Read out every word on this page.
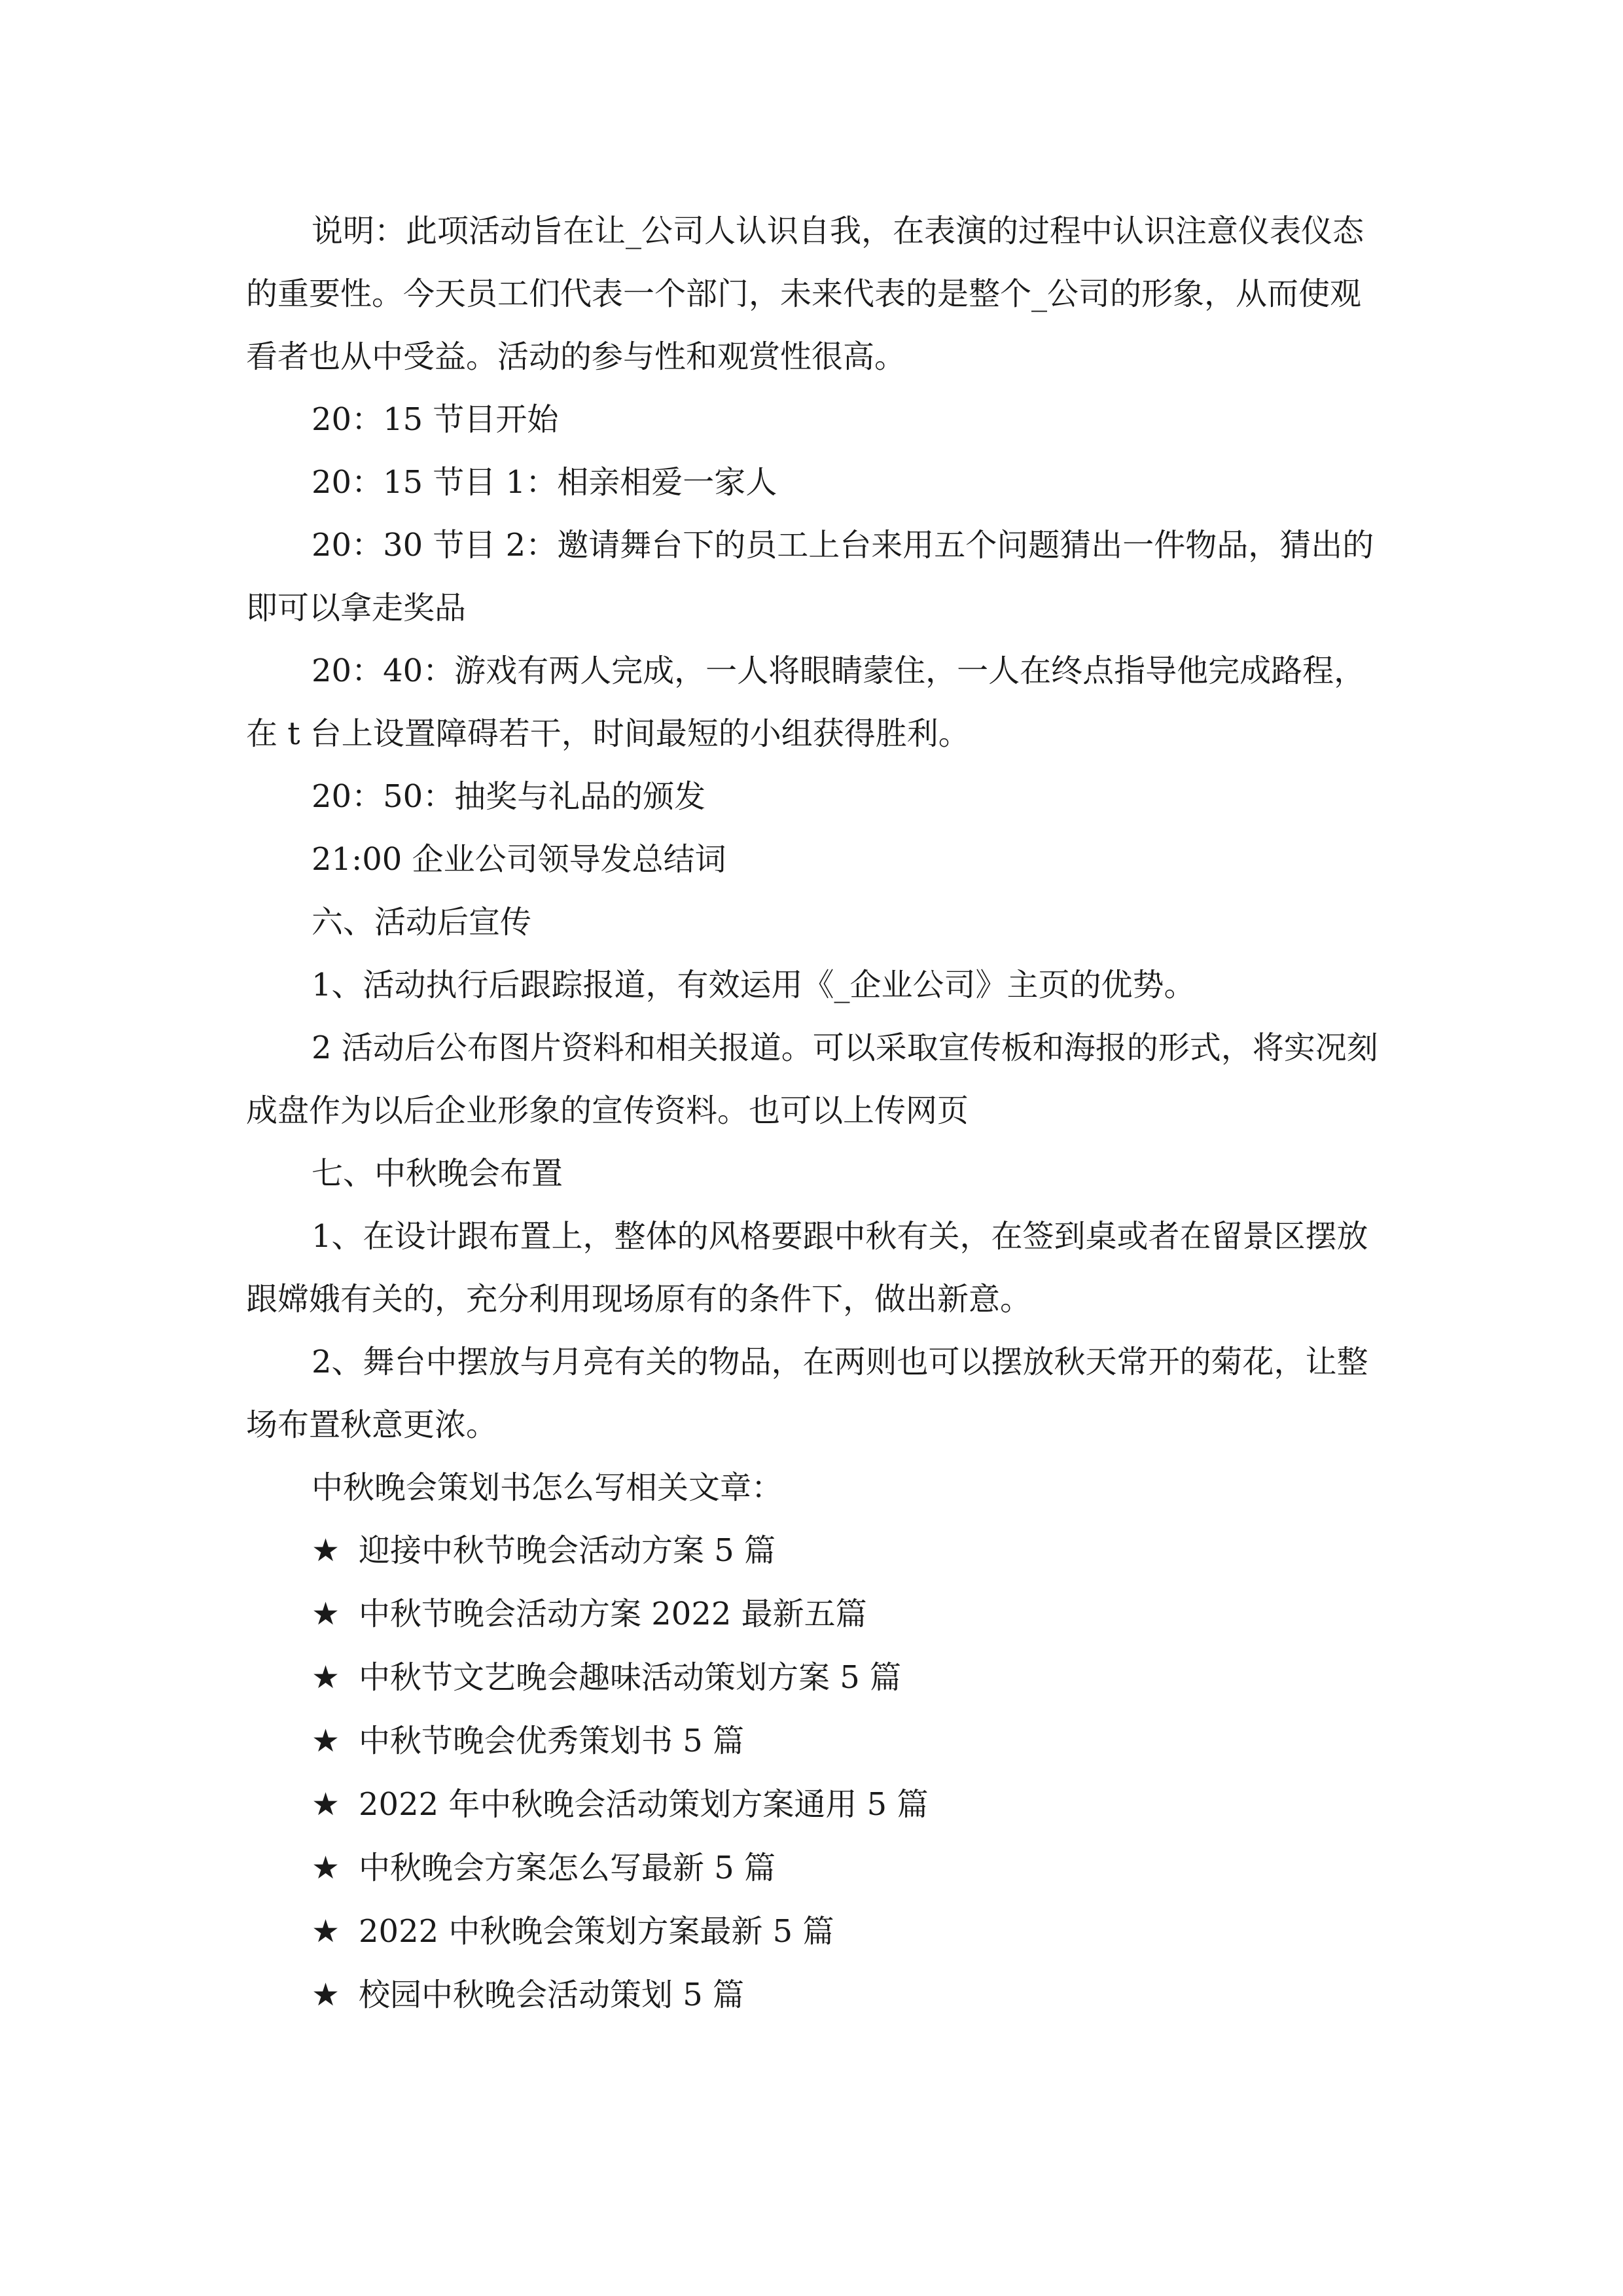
说明：此项活动旨在让_公司人认识自我，在表演的过程中认识注意仪表仪态的重要性。今天员工们代表一个部门，未来代表的是整个_公司的形象，从而使观看者也从中受益。活动的参与性和观赏性很高。

20：15 节目开始
20：15 节目 1：相亲相爱一家人

20：30 节目 2：邀请舞台下的员工上台来用五个问题猜出一件物品，猜出的即可以拿走奖品

20：40：游戏有两人完成，一人将眼睛蒙住，一人在终点指导他完成路程，在 t 台上设置障碍若干，时间最短的小组获得胜利。

20：50：抽奖与礼品的颁发
21:00 企业公司领导发总结词
六、活动后宣传
1、活动执行后跟踪报道，有效运用《_企业公司》主页的优势。

2 活动后公布图片资料和相关报道。可以采取宣传板和海报的形式，将实况刻成盘作为以后企业形象的宣传资料。也可以上传网页

七、中秋晚会布置

1、在设计跟布置上，整体的风格要跟中秋有关，在签到桌或者在留景区摆放跟嫦娥有关的，充分利用现场原有的条件下，做出新意。

2、舞台中摆放与月亮有关的物品，在两则也可以摆放秋天常开的菊花，让整场布置秋意更浓。

中秋晚会策划书怎么写相关文章：
★ 迎接中秋节晚会活动方案 5 篇
★ 中秋节晚会活动方案 2022 最新五篇
★ 中秋节文艺晚会趣味活动策划方案 5 篇
★ 中秋节晚会优秀策划书 5 篇
★ 2022 年中秋晚会活动策划方案通用 5 篇
★ 中秋晚会方案怎么写最新 5 篇
★ 2022 中秋晚会策划方案最新 5 篇
★ 校园中秋晚会活动策划 5 篇
